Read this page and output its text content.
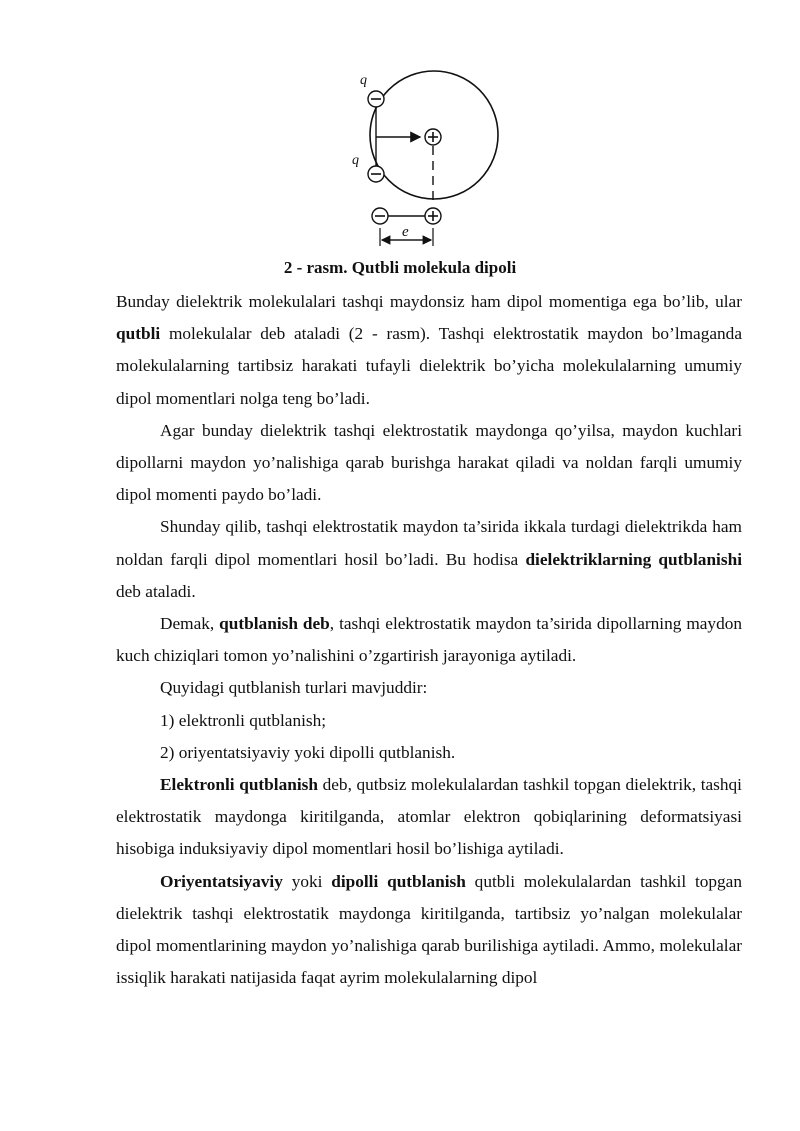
q
q
e
2 - rasm. Qutbli molekula dipoli

Bunday dielektrik molekulalari tashqi maydonsiz ham dipol momentiga ega bo’lib, ular qutbli molekulalar deb ataladi (2 - rasm). Tashqi elektrostatik maydon bo’lmaganda molekulalarning tartibsiz harakati tufayli dielektrik bo’yicha molekulalarning umumiy dipol momentlari nolga teng bo’ladi.

Agar bunday dielektrik tashqi elektrostatik maydonga qo’yilsa, maydon kuchlari dipollarni maydon yo’nalishiga qarab burishga harakat qiladi va noldan farqli umumiy dipol momenti paydo bo’ladi.

Shunday qilib, tashqi elektrostatik maydon ta’sirida ikkala turdagi dielektrikda ham noldan farqli dipol momentlari hosil bo’ladi. Bu hodisa dielektriklarning qutblanishi deb ataladi.

Demak, qutblanish deb, tashqi elektrostatik maydon ta’sirida dipollarning maydon kuch chiziqlari tomon yo’nalishini o’zgartirish jarayoniga aytiladi.

Quyidagi qutblanish turlari mavjuddir:

1) elektronli qutblanish;

2) oriyentatsiyaviy yoki dipolli qutblanish.

Elektronli qutblanish deb, qutbsiz molekulalardan tashkil topgan dielektrik, tashqi elektrostatik maydonga kiritilganda, atomlar elektron qobiqlarining deformatsiyasi hisobiga induksiyaviy dipol momentlari hosil bo’lishiga aytiladi.

Oriyentatsiyaviy yoki dipolli qutblanish qutbli molekulalardan tashkil topgan dielektrik tashqi elektrostatik maydonga kiritilganda, tartibsiz yo’nalgan molekulalar dipol momentlarining maydon yo’nalishiga qarab burilishiga aytiladi. Ammo, molekulalar issiqlik harakati natijasida faqat ayrim molekulalarning dipol
